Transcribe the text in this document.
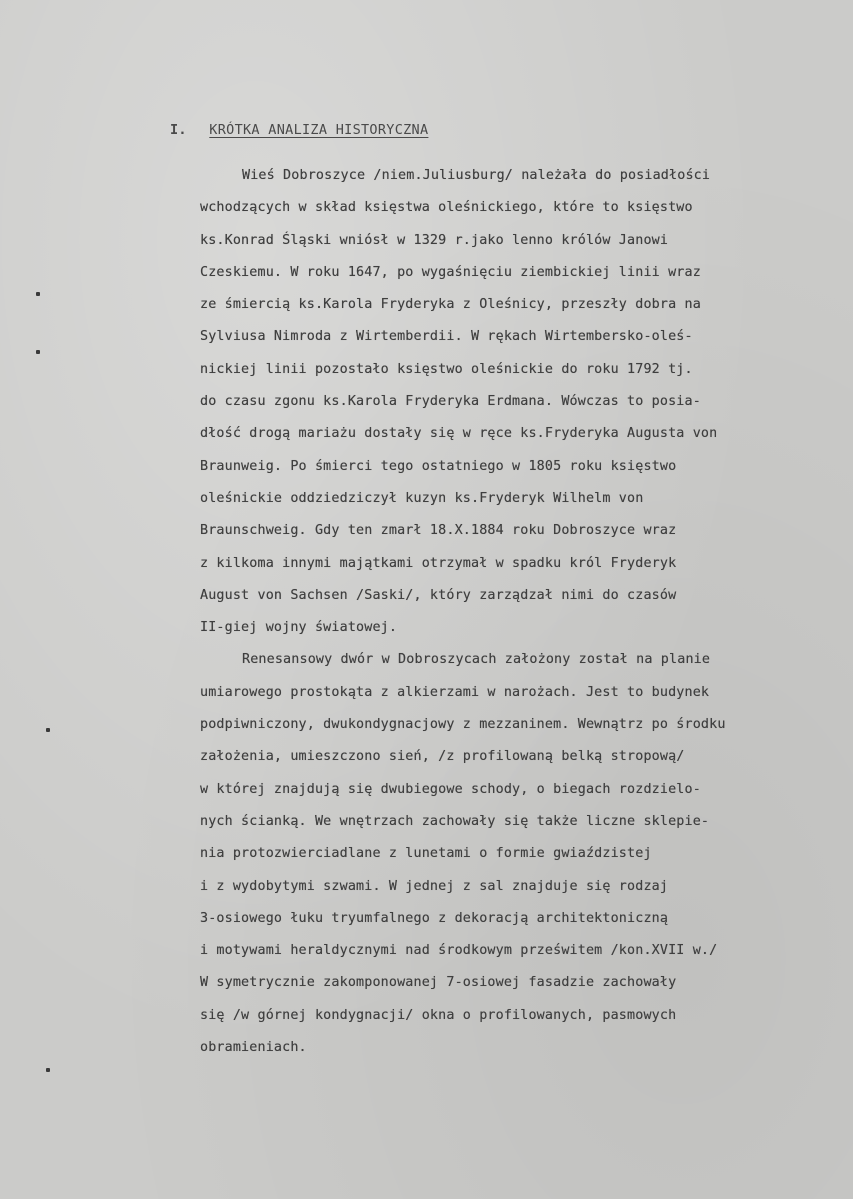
I. KRÓTKA ANALIZA HISTORYCZNA
Wieś Dobroszyce /niem.Juliusburg/ należała do posiadłości
wchodzących w skład księstwa oleśnickiego, które to księstwo
ks.Konrad Śląski wniósł w 1329 r.jako lenno królów Janowi
Czeskiemu. W roku 1647, po wygaśnięciu ziembickiej linii wraz
ze śmiercią ks.Karola Fryderyka z Oleśnicy, przeszły dobra na
Sylviusa Nimroda z Wirtemberdii. W rękach Wirtembersko-oleś-
nickiej linii pozostało księstwo oleśnickie do roku 1792 tj.
do czasu zgonu ks.Karola Fryderyka Erdmana. Wówczas to posia-
dłość drogą mariażu dostały się w ręce ks.Fryderyka Augusta von
Braunweig. Po śmierci tego ostatniego w 1805 roku księstwo
oleśnickie oddziedziczył kuzyn ks.Fryderyk Wilhelm von
Braunschweig. Gdy ten zmarł 18.X.1884 roku Dobroszyce wraz
z kilkoma innymi majątkami otrzymał w spadku król Fryderyk
August von Sachsen /Saski/, który zarządzał nimi do czasów
II-giej wojny światowej.
Renesansowy dwór w Dobroszycach założony został na planie
umiarowego prostokąta z alkierzami w narożach. Jest to budynek
podpiwniczony, dwukondygnacjowy z mezzaninem. Wewnątrz po środku
założenia, umieszczono sień, /z profilowaną belką stropową/
w której znajdują się dwubiegowe schody, o biegach rozdzielo-
nych ścianką. We wnętrzach zachowały się także liczne sklepie-
nia protozwierciadlane z lunetami o formie gwiaździstej
i z wydobytymi szwami. W jednej z sal znajduje się rodzaj
3-osiowego łuku tryumfalnego z dekoracją architektoniczną
i motywami heraldycznymi nad środkowym prześwitem /kon.XVII w./
W symetrycznie zakomponowanej 7-osiowej fasadzie zachowały
się /w górnej kondygnacji/ okna o profilowanych, pasmowych
obramieniach.
